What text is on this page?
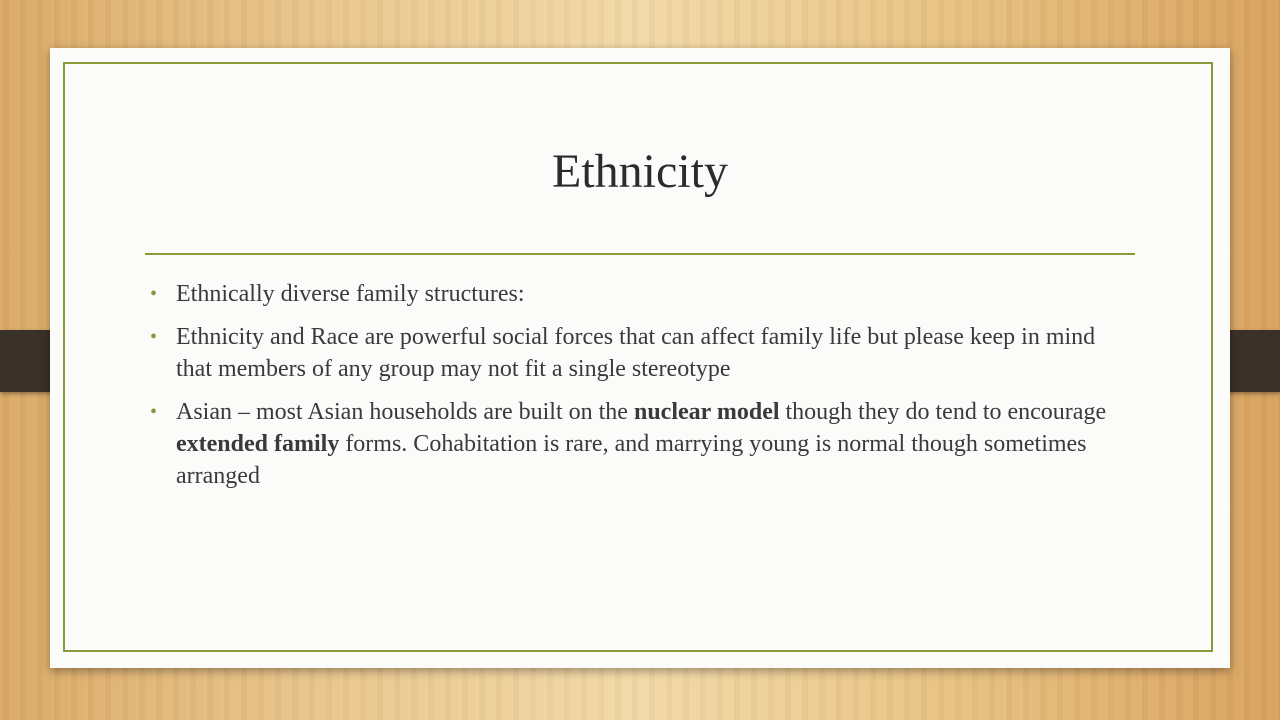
Ethnicity
• Ethnically diverse family structures:
• Ethnicity and Race are powerful social forces that can affect family life but please keep in mind that members of any group may not fit a single stereotype
• Asian – most Asian households are built on the nuclear model though they do tend to encourage extended family forms. Cohabitation is rare, and marrying young is normal though sometimes arranged
